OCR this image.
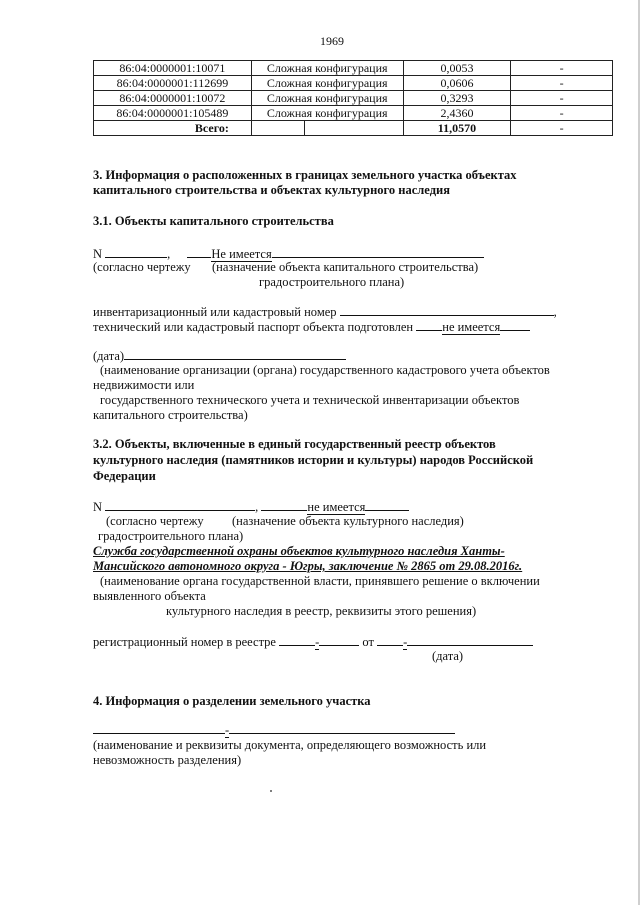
1969
86:04:0000001:10071	Сложная конфигурация	0,0053	-
86:04:0000001:112699	Сложная конфигурация	0,0606	-
86:04:0000001:10072	Сложная конфигурация	0,3293	-
86:04:0000001:105489	Сложная конфигурация	2,4360	-
Всего:		11,0570	-
3. Информация о расположенных в границах земельного участка объектах
капитального строительства и объектах культурного наследия
3.1. Объекты капитального строительства
N	,	Не имеется
(согласно чертежу (назначение объекта капитального строительства)
градостроительного плана)
инвентаризационный или кадастровый номер	,
технический или кадастровый паспорт объекта подготовлен не имеется
(дата)
(наименование организации (органа) государственного кадастрового учета объектов
недвижимости или
государственного технического учета и технической инвентаризации объектов
капитального строительства)
3.2. Объекты, включенные в единый государственный реестр объектов
культурного наследия (памятников истории и культуры) народов Российской
Федерации
N	,	не имеется
(согласно чертежу (назначение объекта культурного наследия)
градостроительного плана)
Служба государственной охраны объектов культурного наследия Ханты-
Мансийского автономного округа - Югры, заключение № 2865 от 29.08.2016г.
(наименование органа государственной власти, принявшего решение о включении
выявленного объекта
культурного наследия в реестр, реквизиты этого решения)
регистрационный номер в реестре	-	от -
(дата)
4. Информация о разделении земельного участка
-
(наименование и реквизиты документа, определяющего возможность или
невозможность разделения)
